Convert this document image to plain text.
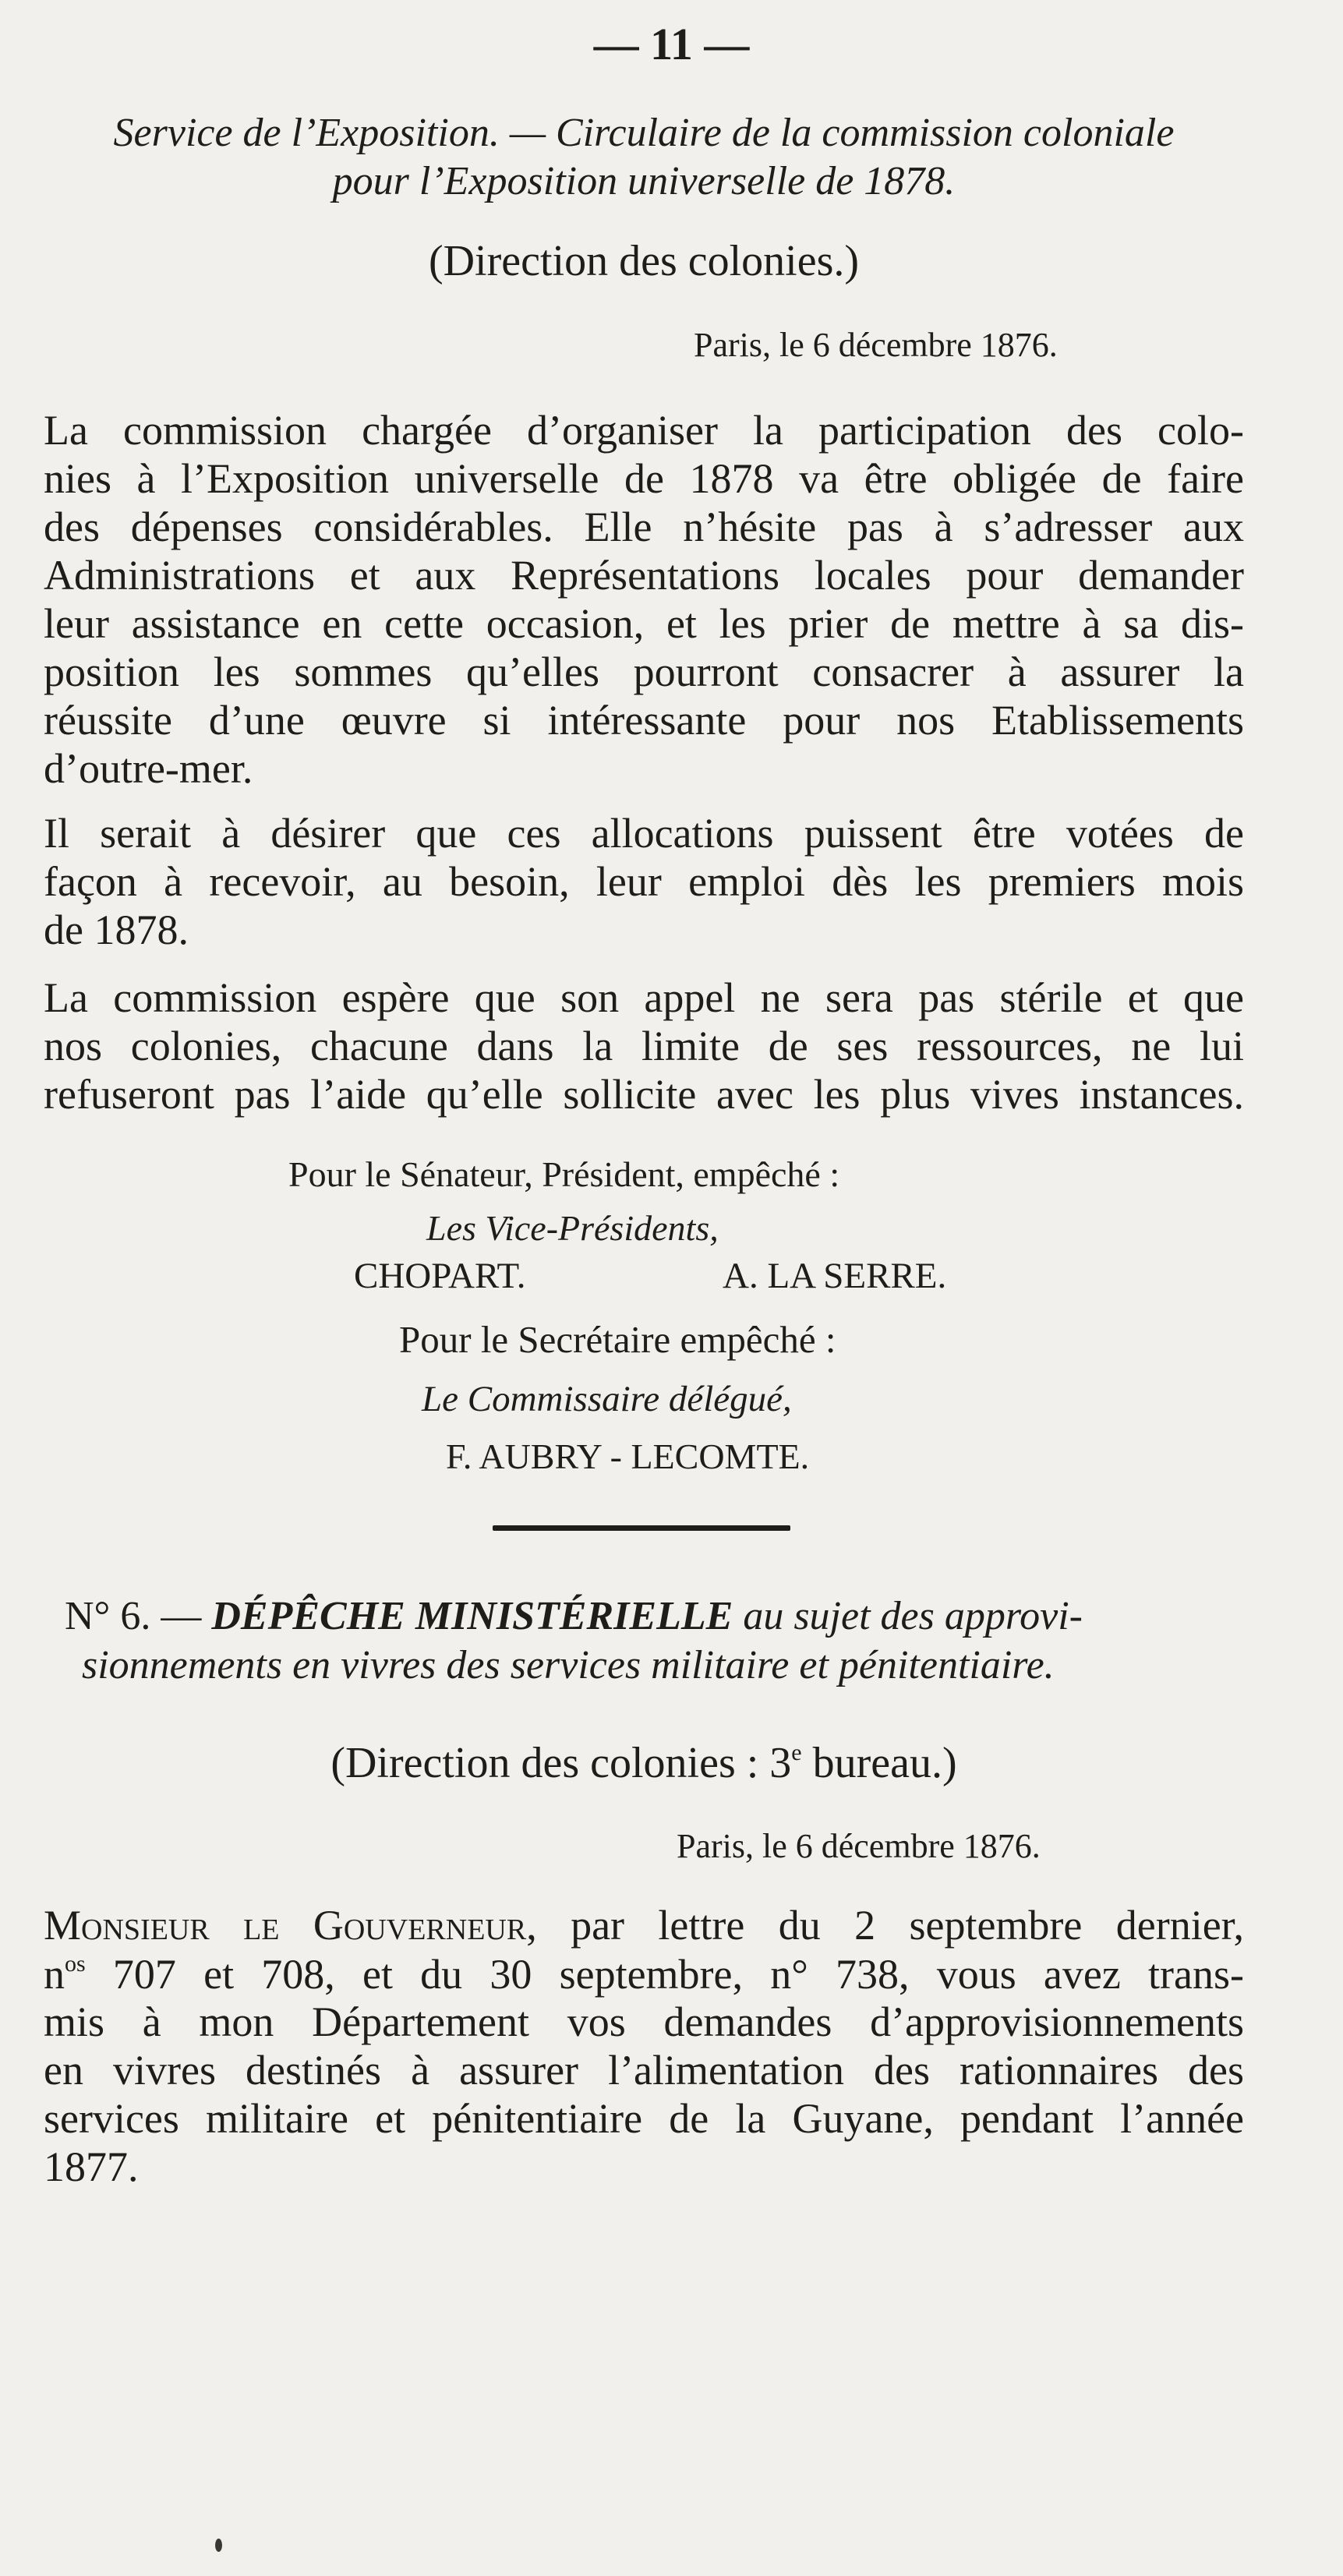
— 11 —
Service de l’Exposition. — Circulaire de la commission coloniale
pour l’Exposition universelle de 1878.
(Direction des colonies.)
Paris, le 6 décembre 1876.
La commission chargée d’organiser la participation des colo-
nies à l’Exposition universelle de 1878 va être obligée de faire
des dépenses considérables. Elle n’hésite pas à s’adresser aux
Administrations et aux Représentations locales pour demander
leur assistance en cette occasion, et les prier de mettre à sa dis-
position les sommes qu’elles pourront consacrer à assurer la
réussite d’une œuvre si intéressante pour nos Etablissements
d’outre-mer.
Il serait à désirer que ces allocations puissent être votées de
façon à recevoir, au besoin, leur emploi dès les premiers mois
de 1878.
La commission espère que son appel ne sera pas stérile et que
nos colonies, chacune dans la limite de ses ressources, ne lui
refuseront pas l’aide qu’elle sollicite avec les plus vives instances.
Pour le Sénateur, Président, empêché :
Les Vice-Présidents,
CHOPART.	A. LA SERRE.
Pour le Secrétaire empêché :
Le Commissaire délégué,
F. AUBRY - LECOMTE.
N° 6. — DÉPÊCHE MINISTÉRIELLE au sujet des approvi-
sionnements en vivres des services militaire et pénitentiaire.
(Direction des colonies : 3e bureau.)
Paris, le 6 décembre 1876.
Monsieur le Gouverneur, par lettre du 2 septembre dernier,
$n^{os}$ 707 et 708, et du 30 septembre, n° 738, vous avez trans-
mis à mon Département vos demandes d’approvisionnements
en vivres destinés à assurer l’alimentation des rationnaires des
services militaire et pénitentiaire de la Guyane, pendant l’année
1877.
